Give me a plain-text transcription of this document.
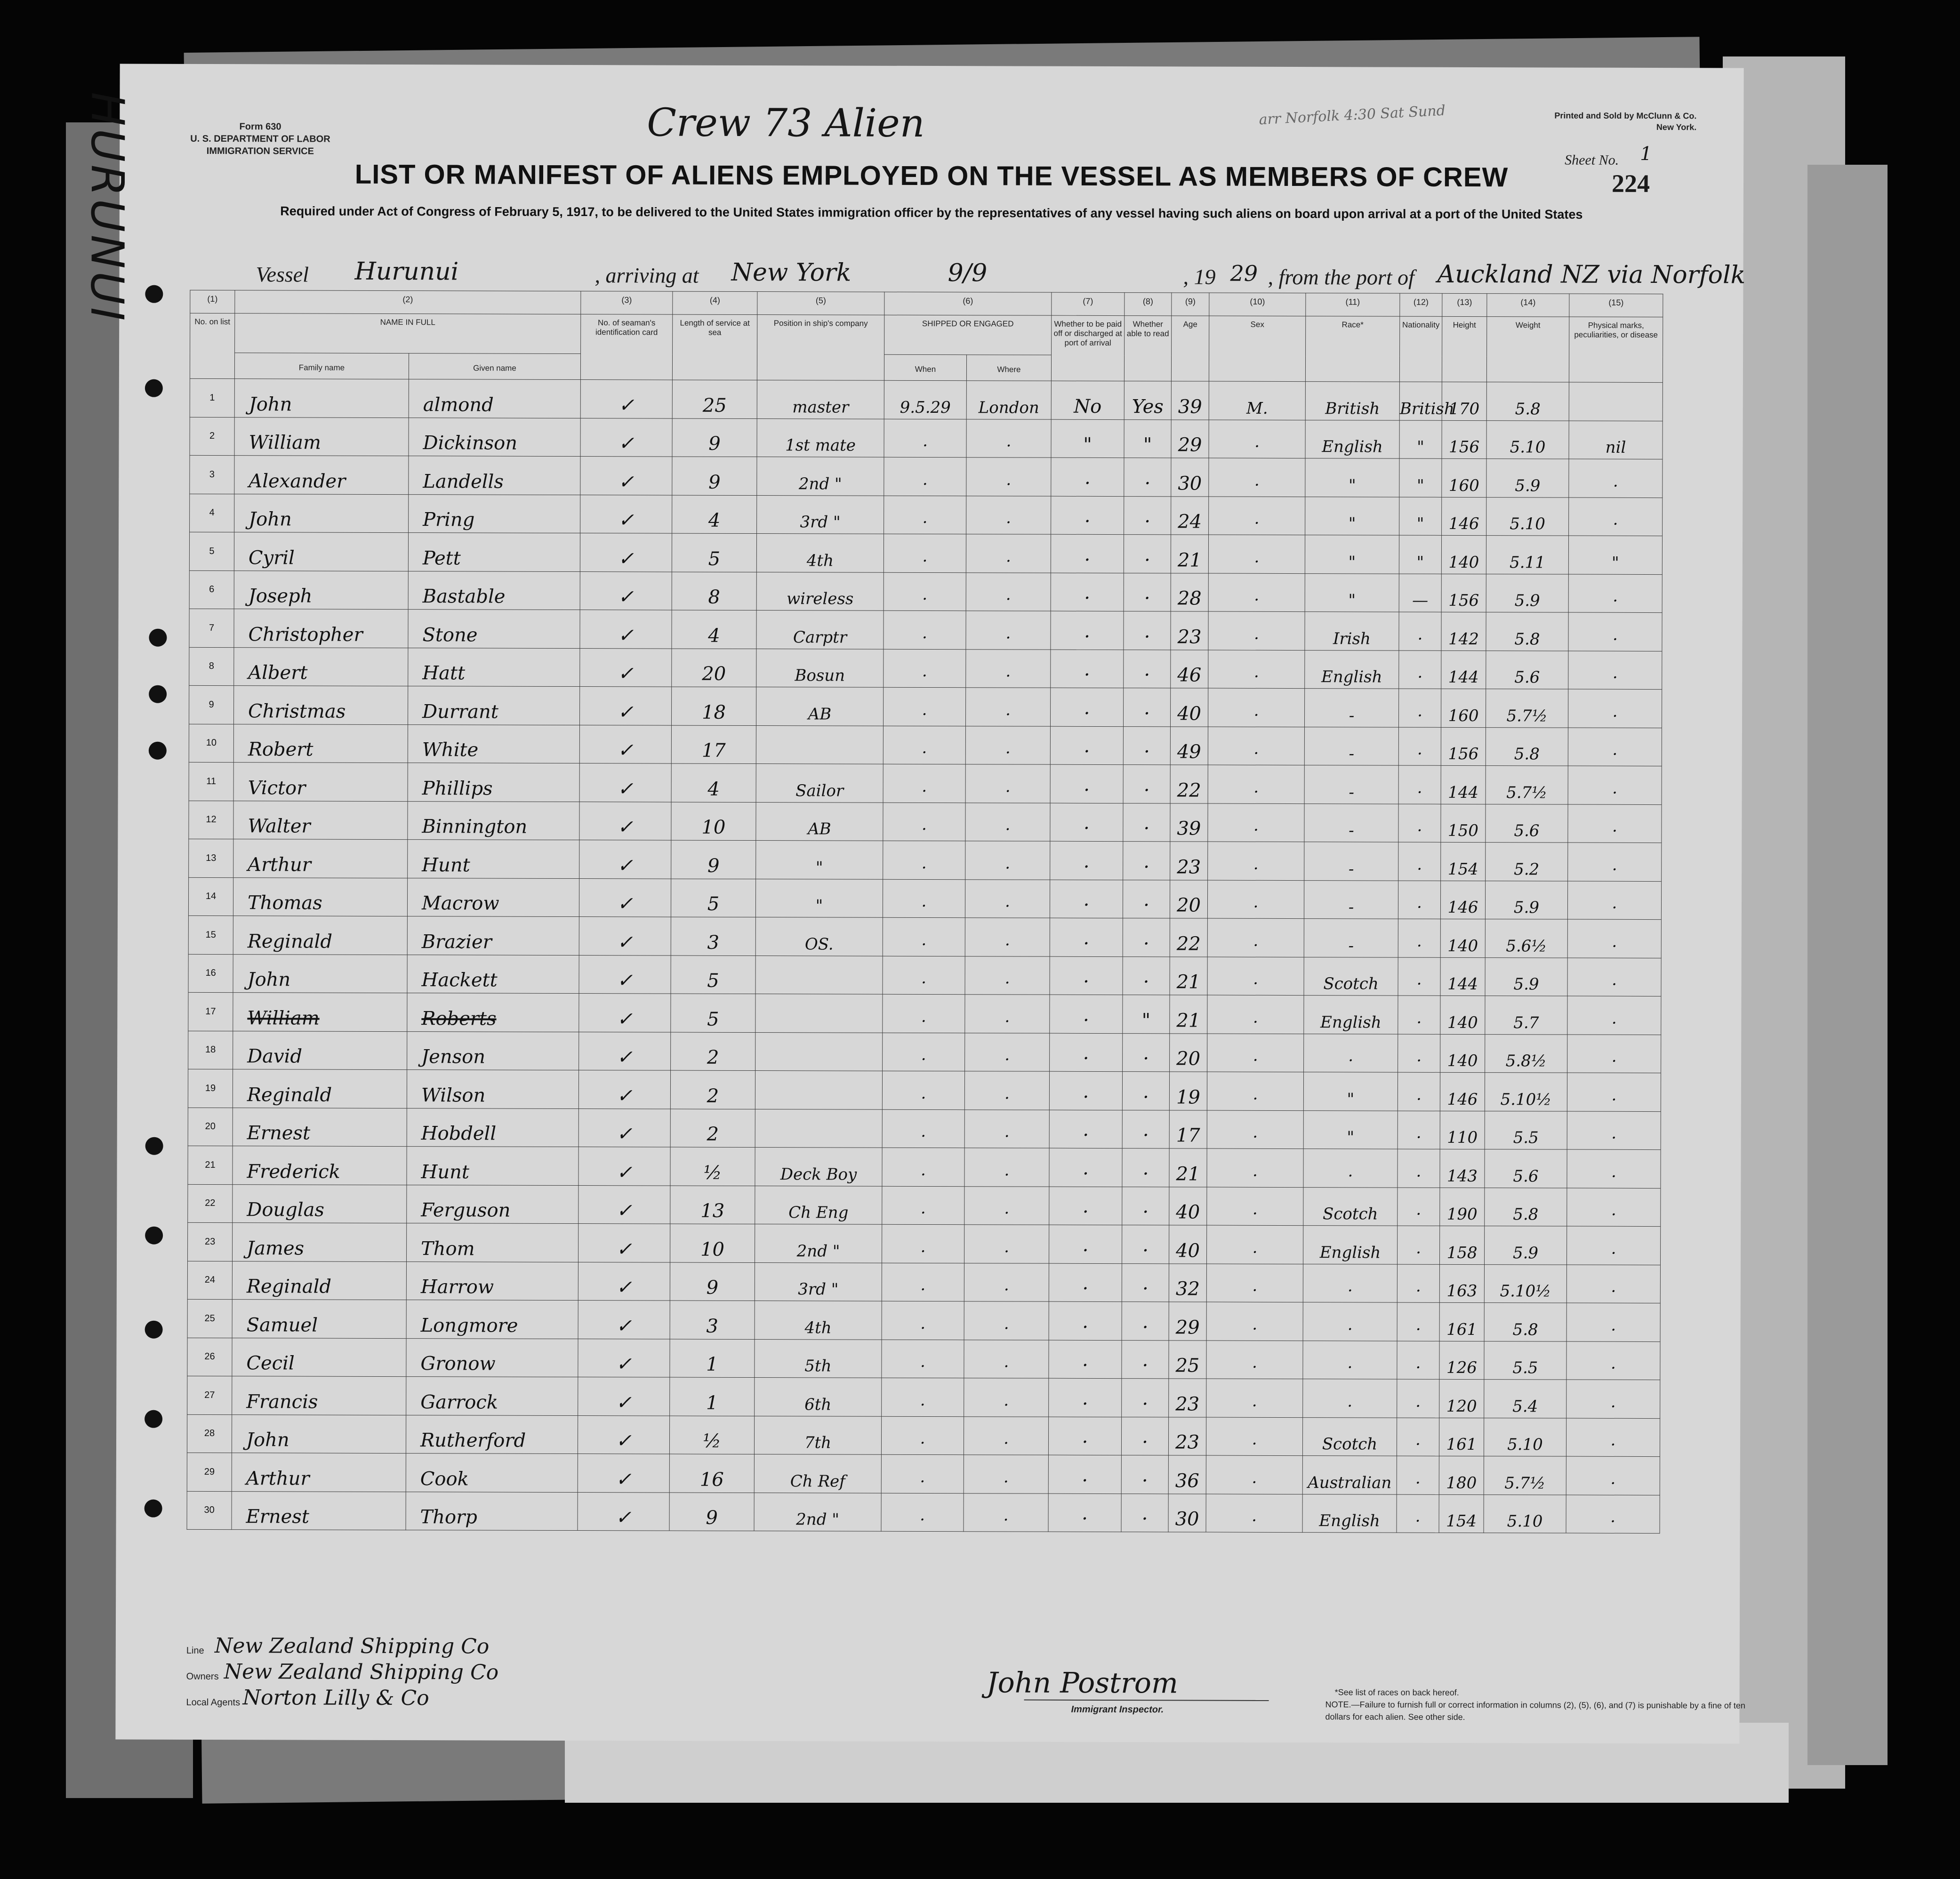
HURUNUI	Form 630
U. S. DEPARTMENT OF LABOR
IMMIGRATION SERVICE
Printed and Sold by McClunn & Co.
New York.
Crew 73 Alien	arr Norfolk 4:30 Sat Sund
Sheet No. 1
224
LIST OR MANIFEST OF ALIENS EMPLOYED ON THE VESSEL AS MEMBERS OF CREW
Required under Act of Congress of February 5, 1917, to be delivered to the United States immigration officer by the representatives of any vessel having such aliens on board upon arrival at a port of the United States
Vessel Hurunui	, arriving at New York	9/9	, 19 29 , from the port of Auckland NZ via Norfolk
(1)	(2)		(3)	(4)	(5)	(6)		(7)	(8)	(9)	(10)	(11)	(12)	(13)	(14)	(15)
No. on list	NAME IN FULL		No. of seaman's identification card	Length of service at sea	Position in ship's company	SHIPPED OR ENGAGED		Whether to be paid off or discharged at port of arrival	Whether able to read	Age	Sex	Race*	Nationality	Height	Weight	Physical marks, peculiarities, or disease
	Family name	Given name				When	Where									
1	John	almond	✓	25	master	9.5.29	London	No	Yes	39	M.	British	British	170	5.8	
2	William	Dickinson	✓	9	1st mate	·	·	"	"	29	·	English	"	156	5.10	nil
3	Alexander	Landells	✓	9	2nd "	·	·	·	·	30	·	"	"	160	5.9	·
4	John	Pring	✓	4	3rd "	·	·	·	·	24	·	"	"	146	5.10	·
5	Cyril	Pett	✓	5	4th	·	·	·	·	21	·	"	"	140	5.11	"
6	Joseph	Bastable	✓	8	wireless	·	·	·	·	28	·	"	—	156	5.9	·
7	Christopher	Stone	✓	4	Carptr	·	·	·	·	23	·	Irish	·	142	5.8	·
8	Albert	Hatt	✓	20	Bosun	·	·	·	·	46	·	English	·	144	5.6	·
9	Christmas	Durrant	✓	18	AB	·	·	·	·	40	·	-	·	160	5.7½	·
10	Robert	White	✓	17		·	·	·	·	49	·	-	·	156	5.8	·
11	Victor	Phillips	✓	4	Sailor	·	·	·	·	22	·	-	·	144	5.7½	·
12	Walter	Binnington	✓	10	AB	·	·	·	·	39	·	-	·	150	5.6	·
13	Arthur	Hunt	✓	9	"	·	·	·	·	23	·	-	·	154	5.2	·
14	Thomas	Macrow	✓	5	"	·	·	·	·	20	·	-	·	146	5.9	·
15	Reginald	Brazier	✓	3	OS.	·	·	·	·	22	·	-	·	140	5.6½	·
16	John	Hackett	✓	5		·	·	·	·	21	·	Scotch	·	144	5.9	·
17	William	Roberts	✓	5		·	·	·	"	21	·	English	·	140	5.7	·
18	David	Jenson	✓	2		·	·	·	·	20	·	·	·	140	5.8½	·
19	Reginald	Wilson	✓	2		·	·	·	·	19	·	"	·	146	5.10½	·
20	Ernest	Hobdell	✓	2		·	·	·	·	17	·	"	·	110	5.5	·
21	Frederick	Hunt	✓	½	Deck Boy	·	·	·	·	21	·	·	·	143	5.6	·
22	Douglas	Ferguson	✓	13	Ch Eng	·	·	·	·	40	·	Scotch	·	190	5.8	·
23	James	Thom	✓	10	2nd "	·	·	·	·	40	·	English	·	158	5.9	·
24	Reginald	Harrow	✓	9	3rd "	·	·	·	·	32	·	·	·	163	5.10½	·
25	Samuel	Longmore	✓	3	4th	·	·	·	·	29	·	·	·	161	5.8	·
26	Cecil	Gronow	✓	1	5th	·	·	·	·	25	·	·	·	126	5.5	·
27	Francis	Garrock	✓	1	6th	·	·	·	·	23	·	·	·	120	5.4	·
28	John	Rutherford	✓	½	7th	·	·	·	·	23	·	Scotch	·	161	5.10	·
29	Arthur	Cook	✓	16	Ch Ref	·	·	·	·	36	·	Australian	·	180	5.7½	·
30	Ernest	Thorp	✓	9	2nd "	·	·	·	·	30	·	English	·	154	5.10	·
Line New Zealand Shipping Co
Owners New Zealand Shipping Co
Local Agents Norton Lilly & Co	John Postrom
Immigrant Inspector.
*See list of races on back hereof.
NOTE.—Failure to furnish full or correct information in columns (2), (5), (6), and (7) is punishable by a fine of ten dollars for each alien. See other side.
